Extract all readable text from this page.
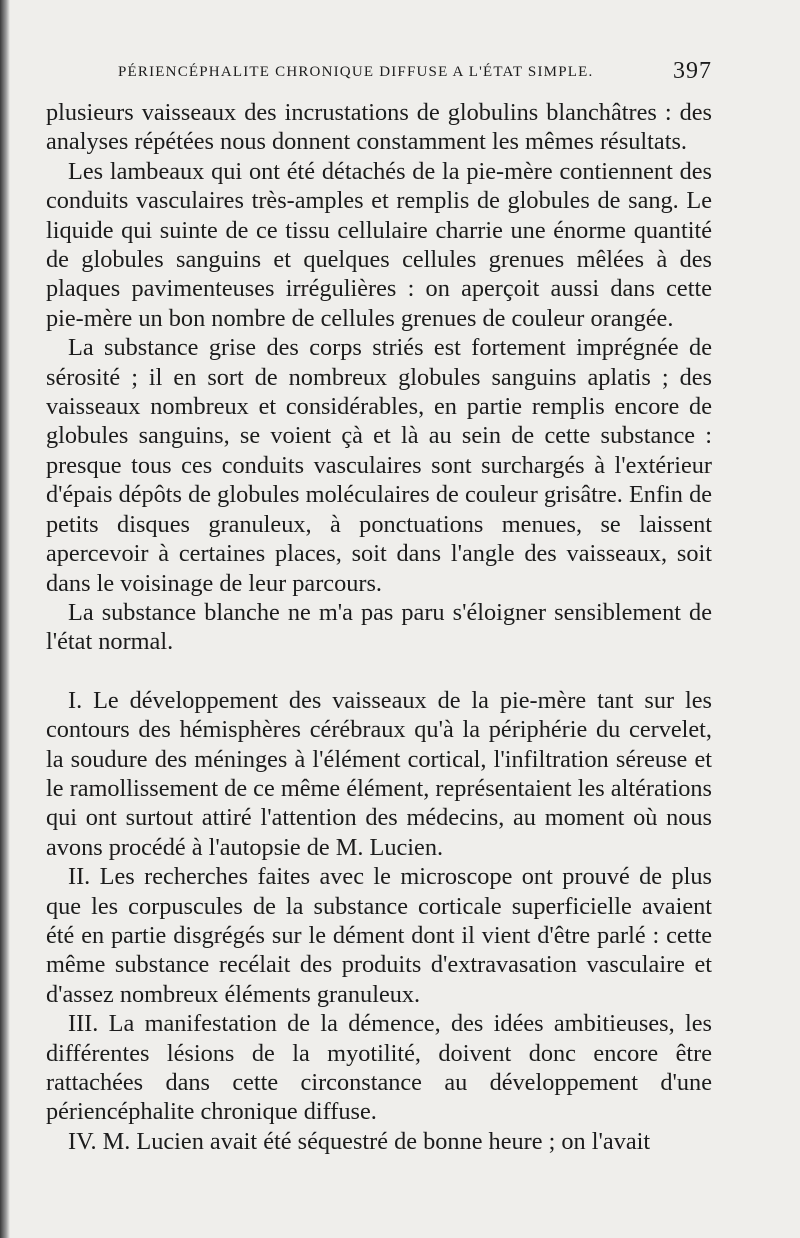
PÉRIENCÉPHALITE CHRONIQUE DIFFUSE A L'ÉTAT SIMPLE.	397

plusieurs vaisseaux des incrustations de globulins blanchâtres : des analyses répétées nous donnent constamment les mêmes résultats.

Les lambeaux qui ont été détachés de la pie-mère contiennent des conduits vasculaires très-amples et remplis de globules de sang. Le liquide qui suinte de ce tissu cellulaire charrie une énorme quantité de globules sanguins et quelques cellules grenues mêlées à des plaques pavimenteuses irrégulières : on aperçoit aussi dans cette pie-mère un bon nombre de cellules grenues de couleur orangée.

La substance grise des corps striés est fortement imprégnée de sérosité ; il en sort de nombreux globules sanguins aplatis ; des vaisseaux nombreux et considérables, en partie remplis encore de globules sanguins, se voient çà et là au sein de cette substance : presque tous ces conduits vasculaires sont surchargés à l'extérieur d'épais dépôts de globules moléculaires de couleur grisâtre. Enfin de petits disques granuleux, à ponctuations menues, se laissent apercevoir à certaines places, soit dans l'angle des vaisseaux, soit dans le voisinage de leur parcours.

La substance blanche ne m'a pas paru s'éloigner sensiblement de l'état normal.

I. Le développement des vaisseaux de la pie-mère tant sur les contours des hémisphères cérébraux qu'à la périphérie du cervelet, la soudure des méninges à l'élément cortical, l'infiltration séreuse et le ramollissement de ce même élément, représentaient les altérations qui ont surtout attiré l'attention des médecins, au moment où nous avons procédé à l'autopsie de M. Lucien.

II. Les recherches faites avec le microscope ont prouvé de plus que les corpuscules de la substance corticale superficielle avaient été en partie disgrégés sur le dément dont il vient d'être parlé : cette même substance recélait des produits d'extravasation vasculaire et d'assez nombreux éléments granuleux.

III. La manifestation de la démence, des idées ambitieuses, les différentes lésions de la myotilité, doivent donc encore être rattachées dans cette circonstance au développement d'une périencéphalite chronique diffuse.

IV. M. Lucien avait été séquestré de bonne heure ; on l'avait
